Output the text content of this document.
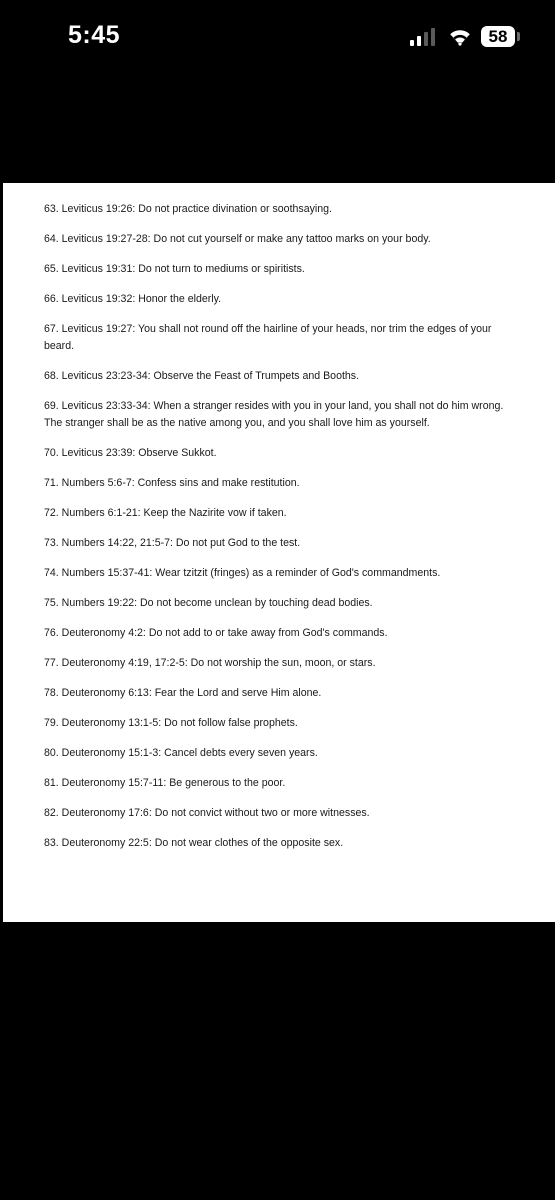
5:45	58

63. Leviticus 19:26: Do not practice divination or soothsaying.

64. Leviticus 19:27-28: Do not cut yourself or make any tattoo marks on your body.

65. Leviticus 19:31: Do not turn to mediums or spiritists.

66. Leviticus 19:32: Honor the elderly.

67. Leviticus 19:27: You shall not round off the hairline of your heads, nor trim the edges of your beard.

68. Leviticus 23:23-34: Observe the Feast of Trumpets and Booths.

69. Leviticus 23:33-34: When a stranger resides with you in your land, you shall not do him wrong. The stranger shall be as the native among you, and you shall love him as yourself.

70. Leviticus 23:39: Observe Sukkot.

71. Numbers 5:6-7: Confess sins and make restitution.

72. Numbers 6:1-21: Keep the Nazirite vow if taken.

73. Numbers 14:22, 21:5-7: Do not put God to the test.

74. Numbers 15:37-41: Wear tzitzit (fringes) as a reminder of God's commandments.

75. Numbers 19:22: Do not become unclean by touching dead bodies.

76. Deuteronomy 4:2: Do not add to or take away from God's commands.

77. Deuteronomy 4:19, 17:2-5: Do not worship the sun, moon, or stars.

78. Deuteronomy 6:13: Fear the Lord and serve Him alone.

79. Deuteronomy 13:1-5: Do not follow false prophets.

80. Deuteronomy 15:1-3: Cancel debts every seven years.

81. Deuteronomy 15:7-11: Be generous to the poor.

82. Deuteronomy 17:6: Do not convict without two or more witnesses.

83. Deuteronomy 22:5: Do not wear clothes of the opposite sex.
